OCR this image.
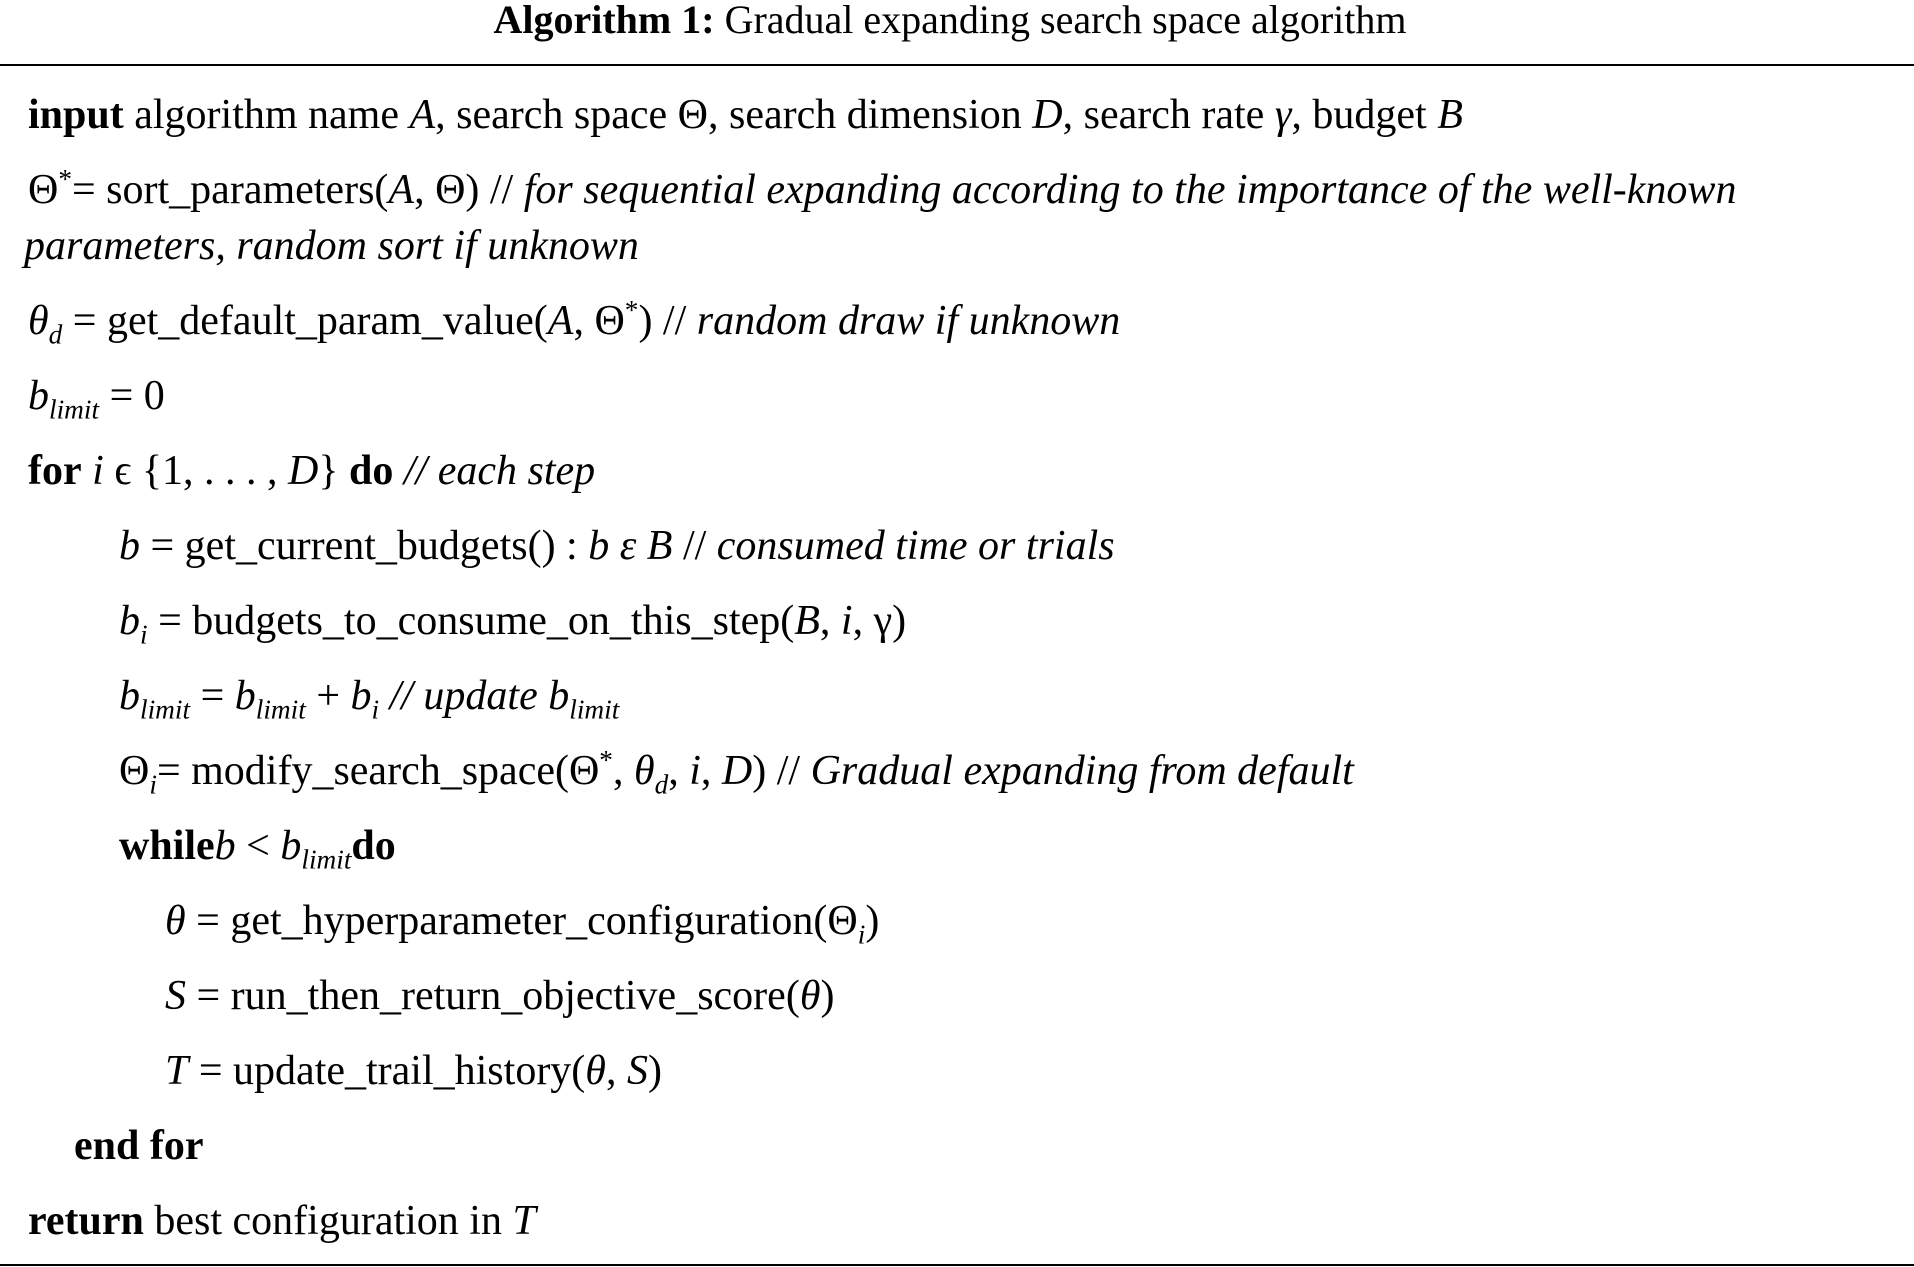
Algorithm 1: Gradual expanding search space algorithm
input algorithm name A, search space Θ, search dimension D, search rate γ, budget B
Θ*= sort_parameters(A, Θ) // for sequential expanding according to the importance of the well-known
parameters, random sort if unknown
$\theta_d$ = get_default_param_value(A, Θ*) // random draw if unknown
$b_{limit} = 0$
for i ϵ {1, . . . , D} do // each step
b = get_current_budgets() : b ε B // consumed time or trials
$b_i$ = budgets_to_consume_on_this_step(B, i, γ)
$b_{limit} = b_{limit} + b_i$ // update $b_{limit}$
$\Theta_i=$ modify_search_space(Θ*, $\theta_d$, i, D) // Gradual expanding from default
whileb < $b_{limit}do$
$\theta = get\_hyperparameter\_configuration(\Theta_i)$
S = run_then_return_objective_score(θ)
T = update_trail_history(θ, S)
end for
return best configuration in T
